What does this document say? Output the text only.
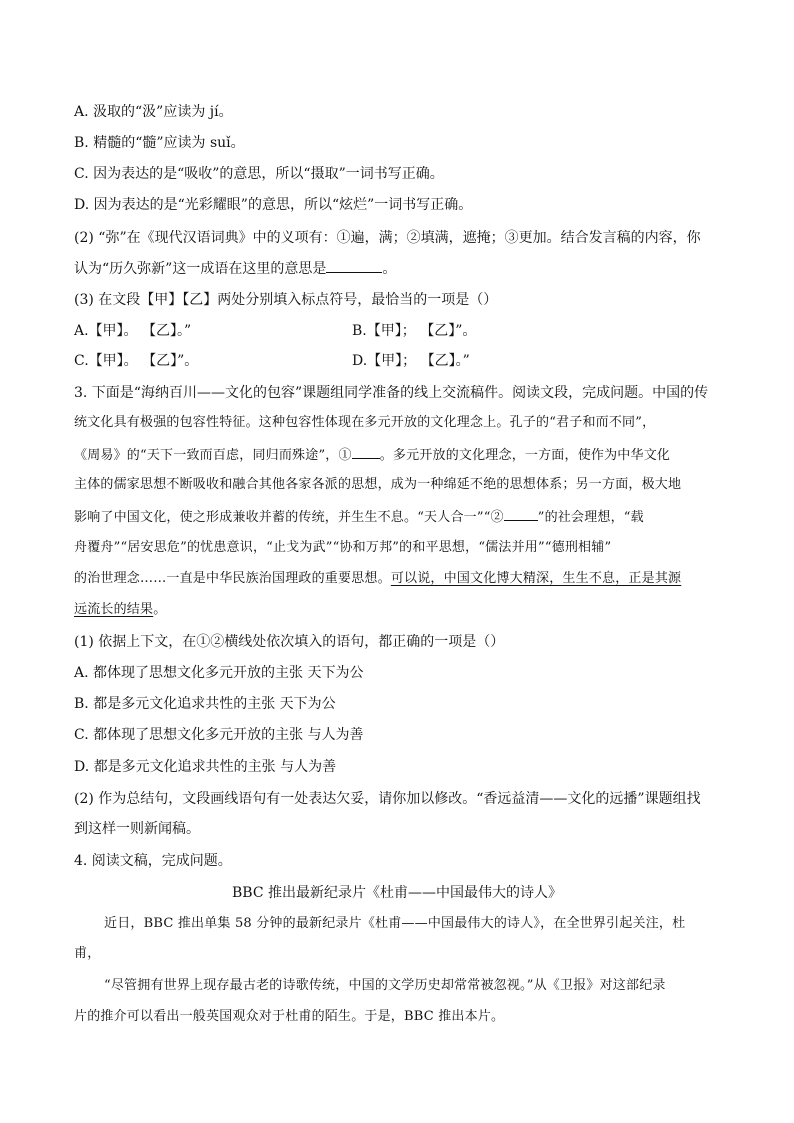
A. 汲取的“汲”应读为 jí。
B. 精髓的“髓”应读为 suǐ。
C. 因为表达的是“吸收”的意思，所以“摄取”一词书写正确。
D. 因为表达的是“光彩耀眼”的意思，所以“炫烂”一词书写正确。
(2) “弥”在《现代汉语词典》中的义项有：①遍，满；②填满，遮掩；③更加。结合发言稿的内容，你
认为“历久弥新”这一成语在这里的意思是	。
(3) 在文段【甲】【乙】两处分别填入标点符号，最恰当的一项是（）
A.【甲】。 【乙】。”	B.【甲】； 【乙】”。
C.【甲】。 【乙】”。	D.【甲】； 【乙】。”
3. 下面是“海纳百川——文化的包容”课题组同学准备的线上交流稿件。阅读文段，完成问题。中国的传
统文化具有极强的包容性特征。这种包容性体现在多元开放的文化理念上。孔子的“君子和而不同”，
《周易》的“天下一致而百虑，同归而殊途”，① 。多元开放的文化理念，一方面，使作为中华文化
主体的儒家思想不断吸收和融合其他各家各派的思想，成为一种绵延不绝的思想体系；另一方面，极大地
影响了中国文化，使之形成兼收并蓄的传统，并生生不息。“天人合一”“②	”的社会理想，“载
舟覆舟”“居安思危”的忧患意识，“止戈为武”“协和万邦”的和平思想，“儒法并用”“德刑相辅”
的治世理念……一直是中华民族治国理政的重要思想。可以说，中国文化博大精深，生生不息，正是其源
远流长的结果。
(1) 依据上下文，在①②横线处依次填入的语句，都正确的一项是（）
A. 都体现了思想文化多元开放的主张 天下为公
B. 都是多元文化追求共性的主张 天下为公
C. 都体现了思想文化多元开放的主张 与人为善
D. 都是多元文化追求共性的主张 与人为善
(2) 作为总结句，文段画线语句有一处表达欠妥，请你加以修改。“香远益清——文化的远播”课题组找
到这样一则新闻稿。
4. 阅读文稿，完成问题。
BBC 推出最新纪录片《杜甫——中国最伟大的诗人》
近日，BBC 推出单集 58 分钟的最新纪录片《杜甫——中国最伟大的诗人》，在全世界引起关注，杜
甫，
“尽管拥有世界上现存最古老的诗歌传统，中国的文学历史却常常被忽视。”从《卫报》对这部纪录
片的推介可以看出一般英国观众对于杜甫的陌生。于是，BBC 推出本片。
